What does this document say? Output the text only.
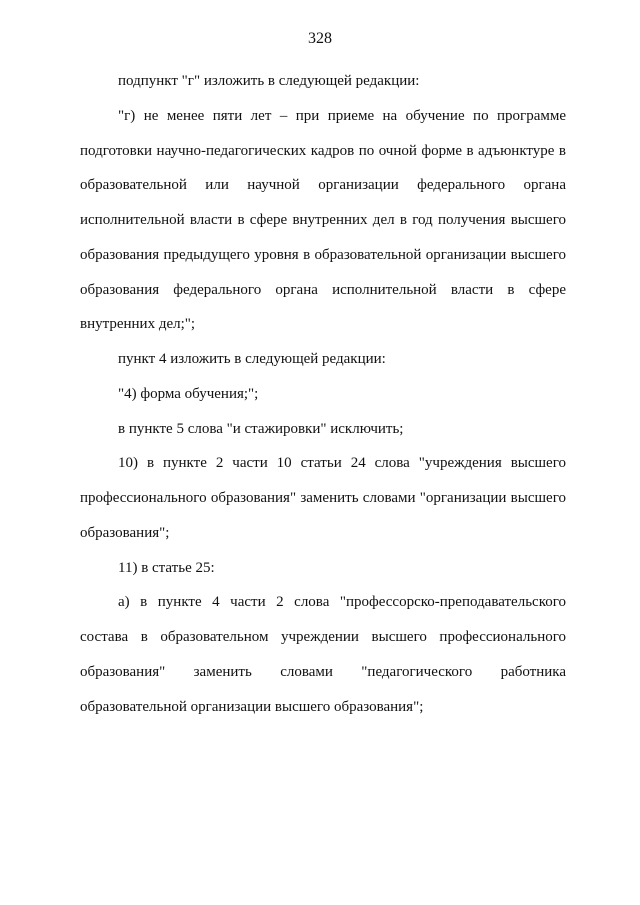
328

подпункт "г" изложить в следующей редакции:

"г) не менее пяти лет – при приеме на обучение по программе подготовки научно-педагогических кадров по очной форме в адъюнктуре в образовательной или научной организации федерального органа исполнительной власти в сфере внутренних дел в год получения высшего образования предыдущего уровня в образовательной организации высшего образования федерального органа исполнительной власти в сфере внутренних дел;";

пункт 4 изложить в следующей редакции:

"4) форма обучения;";

в пункте 5 слова "и стажировки" исключить;

10) в пункте 2 части 10 статьи 24 слова "учреждения высшего профессионального образования" заменить словами "организации высшего образования";

11) в статье 25:

а) в пункте 4 части 2 слова "профессорско-преподавательского состава в образовательном учреждении высшего профессионального образования" заменить словами "педагогического работника образовательной организации высшего образования";
